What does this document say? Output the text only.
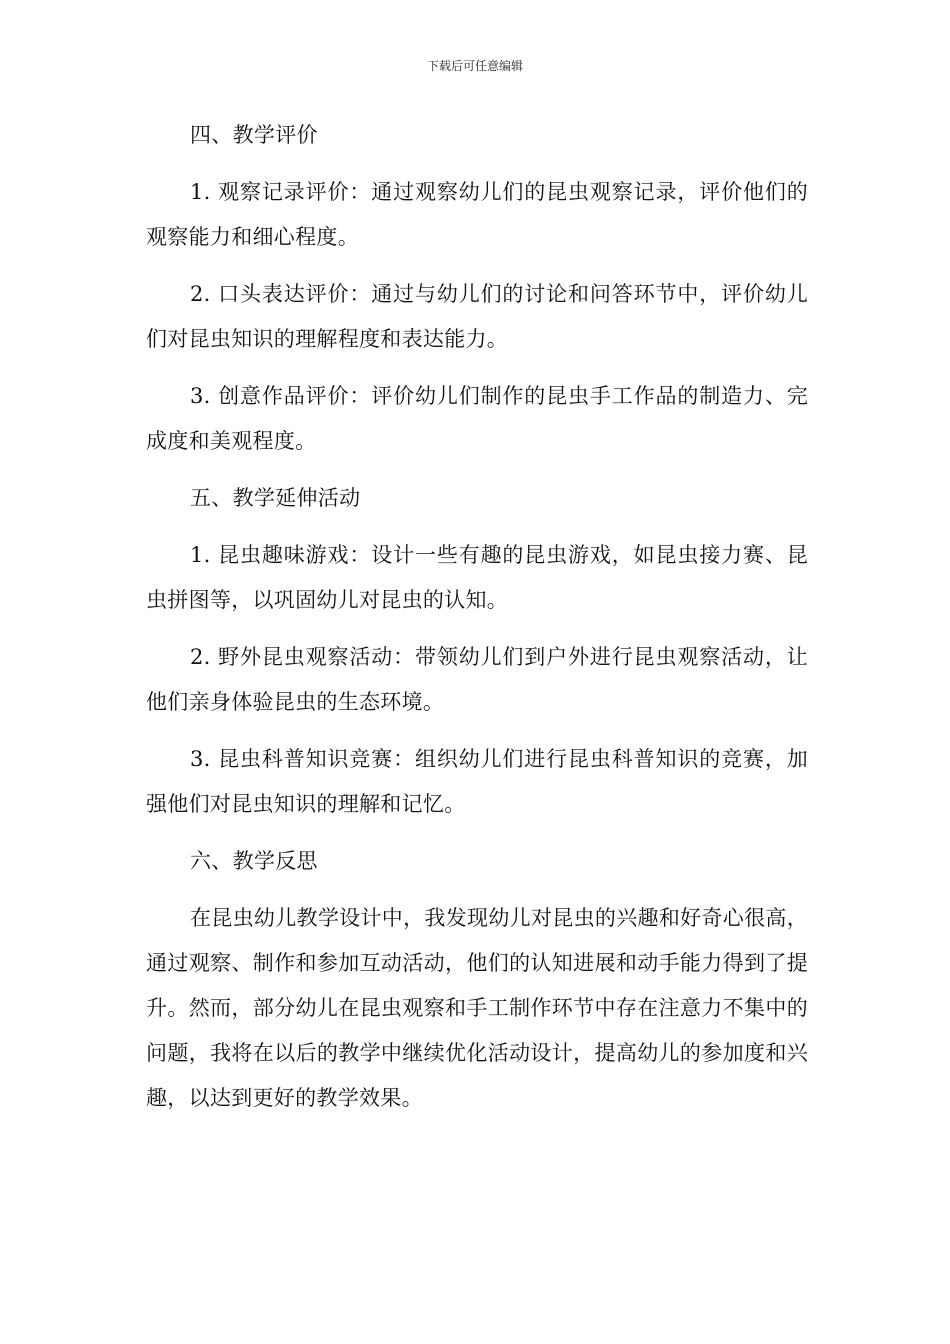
下载后可任意编辑

四、教学评价

1. 观察记录评价：通过观察幼儿们的昆虫观察记录，评价他们的观察能力和细心程度。

2. 口头表达评价：通过与幼儿们的讨论和问答环节中，评价幼儿们对昆虫知识的理解程度和表达能力。

3. 创意作品评价：评价幼儿们制作的昆虫手工作品的制造力、完成度和美观程度。

五、教学延伸活动

1. 昆虫趣味游戏：设计一些有趣的昆虫游戏，如昆虫接力赛、昆虫拼图等，以巩固幼儿对昆虫的认知。

2. 野外昆虫观察活动：带领幼儿们到户外进行昆虫观察活动，让他们亲身体验昆虫的生态环境。

3. 昆虫科普知识竞赛：组织幼儿们进行昆虫科普知识的竞赛，加强他们对昆虫知识的理解和记忆。

六、教学反思

在昆虫幼儿教学设计中，我发现幼儿对昆虫的兴趣和好奇心很高，通过观察、制作和参加互动活动，他们的认知进展和动手能力得到了提升。然而，部分幼儿在昆虫观察和手工制作环节中存在注意力不集中的问题，我将在以后的教学中继续优化活动设计，提高幼儿的参加度和兴趣，以达到更好的教学效果。
